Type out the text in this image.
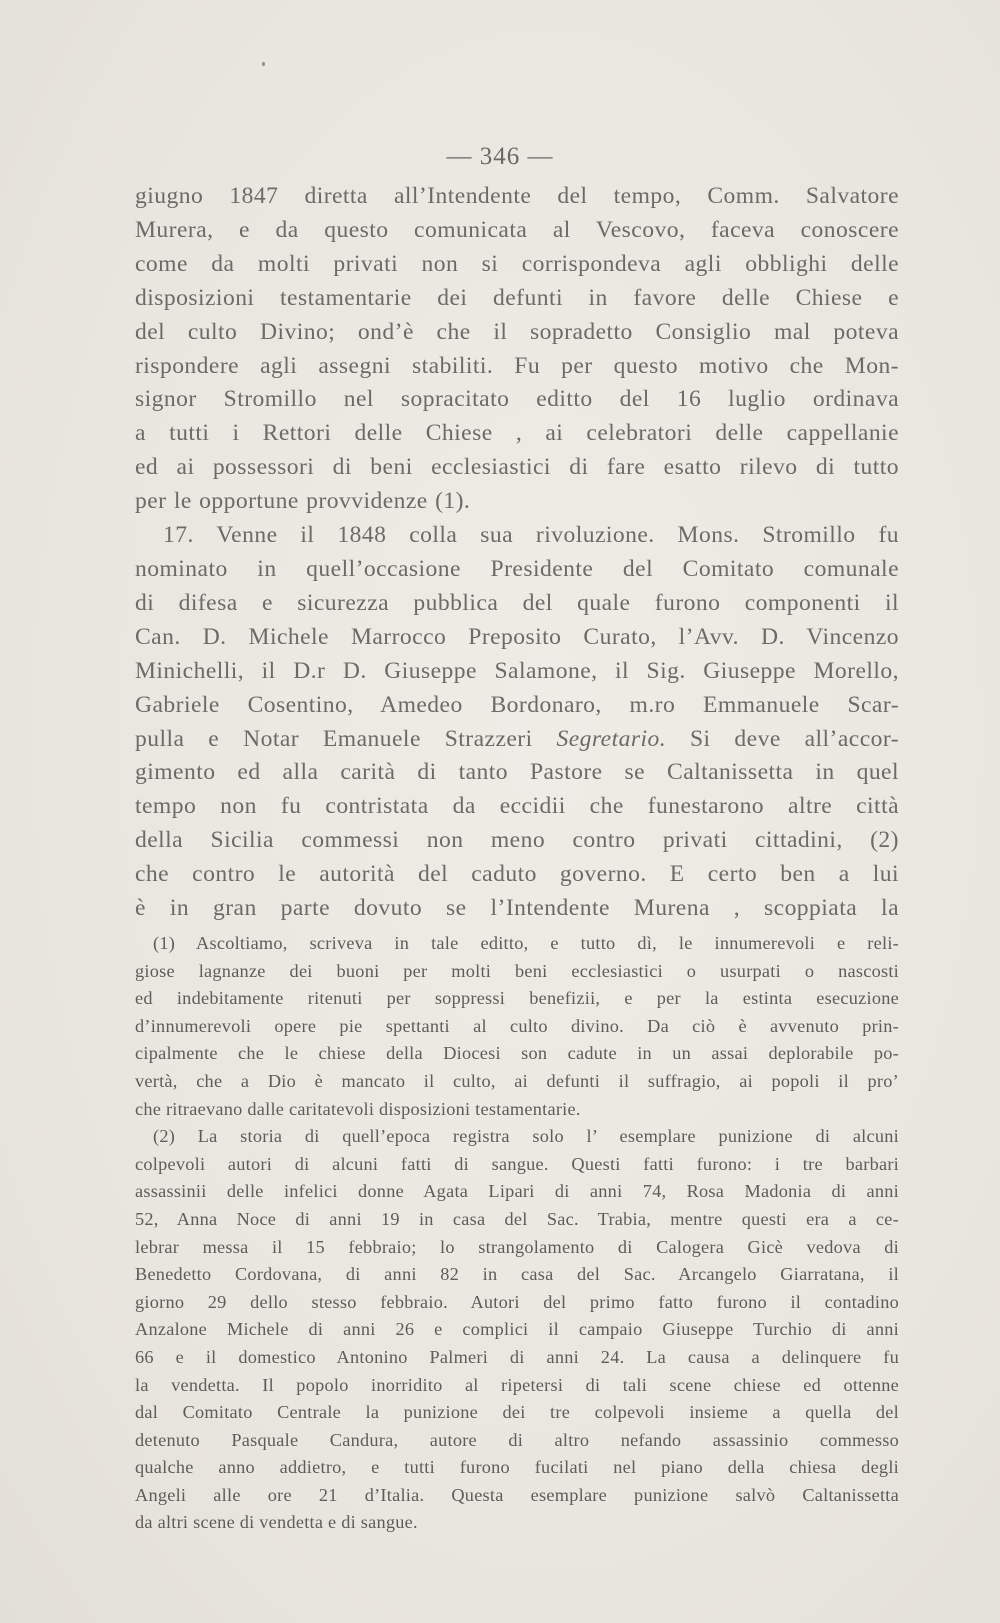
— 346 —
giugno 1847 diretta all’Intendente del tempo, Comm. Salvatore
Murera, e da questo comunicata al Vescovo, faceva conoscere
come da molti privati non si corrispondeva agli obblighi delle
disposizioni testamentarie dei defunti in favore delle Chiese e
del culto Divino; ond’è che il sopradetto Consiglio mal poteva
rispondere agli assegni stabiliti. Fu per questo motivo che Mon-
signor Stromillo nel sopracitato editto del 16 luglio ordinava
a tutti i Rettori delle Chiese , ai celebratori delle cappellanie
ed ai possessori di beni ecclesiastici di fare esatto rilevo di tutto
per le opportune provvidenze (1).
17. Venne il 1848 colla sua rivoluzione. Mons. Stromillo fu
nominato in quell’occasione Presidente del Comitato comunale
di difesa e sicurezza pubblica del quale furono componenti il
Can. D. Michele Marrocco Preposito Curato, l’Avv. D. Vincenzo
Minichelli, il D.r D. Giuseppe Salamone, il Sig. Giuseppe Morello,
Gabriele Cosentino, Amedeo Bordonaro, m.ro Emmanuele Scar-
pulla e Notar Emanuele Strazzeri Segretario. Si deve all’accor-
gimento ed alla carità di tanto Pastore se Caltanissetta in quel
tempo non fu contristata da eccidii che funestarono altre città
della Sicilia commessi non meno contro privati cittadini, (2)
che contro le autorità del caduto governo. E certo ben a lui
è in gran parte dovuto se l’Intendente Murena , scoppiata la
(1) Ascoltiamo, scriveva in tale editto, e tutto dì, le innumerevoli e reli-
giose lagnanze dei buoni per molti beni ecclesiastici o usurpati o nascosti
ed indebitamente ritenuti per soppressi benefizii, e per la estinta esecuzione
d’innumerevoli opere pie spettanti al culto divino. Da ciò è avvenuto prin-
cipalmente che le chiese della Diocesi son cadute in un assai deplorabile po-
vertà, che a Dio è mancato il culto, ai defunti il suffragio, ai popoli il pro’
che ritraevano dalle caritatevoli disposizioni testamentarie.
(2) La storia di quell’epoca registra solo l’ esemplare punizione di alcuni
colpevoli autori di alcuni fatti di sangue. Questi fatti furono: i tre barbari
assassinii delle infelici donne Agata Lipari di anni 74, Rosa Madonia di anni
52, Anna Noce di anni 19 in casa del Sac. Trabia, mentre questi era a ce-
lebrar messa il 15 febbraio; lo strangolamento di Calogera Gicè vedova di
Benedetto Cordovana, di anni 82 in casa del Sac. Arcangelo Giarratana, il
giorno 29 dello stesso febbraio. Autori del primo fatto furono il contadino
Anzalone Michele di anni 26 e complici il campaio Giuseppe Turchio di anni
66 e il domestico Antonino Palmeri di anni 24. La causa a delinquere fu
la vendetta. Il popolo inorridito al ripetersi di tali scene chiese ed ottenne
dal Comitato Centrale la punizione dei tre colpevoli insieme a quella del
detenuto Pasquale Candura, autore di altro nefando assassinio commesso
qualche anno addietro, e tutti furono fucilati nel piano della chiesa degli
Angeli alle ore 21 d’Italia. Questa esemplare punizione salvò Caltanissetta
da altri scene di vendetta e di sangue.
